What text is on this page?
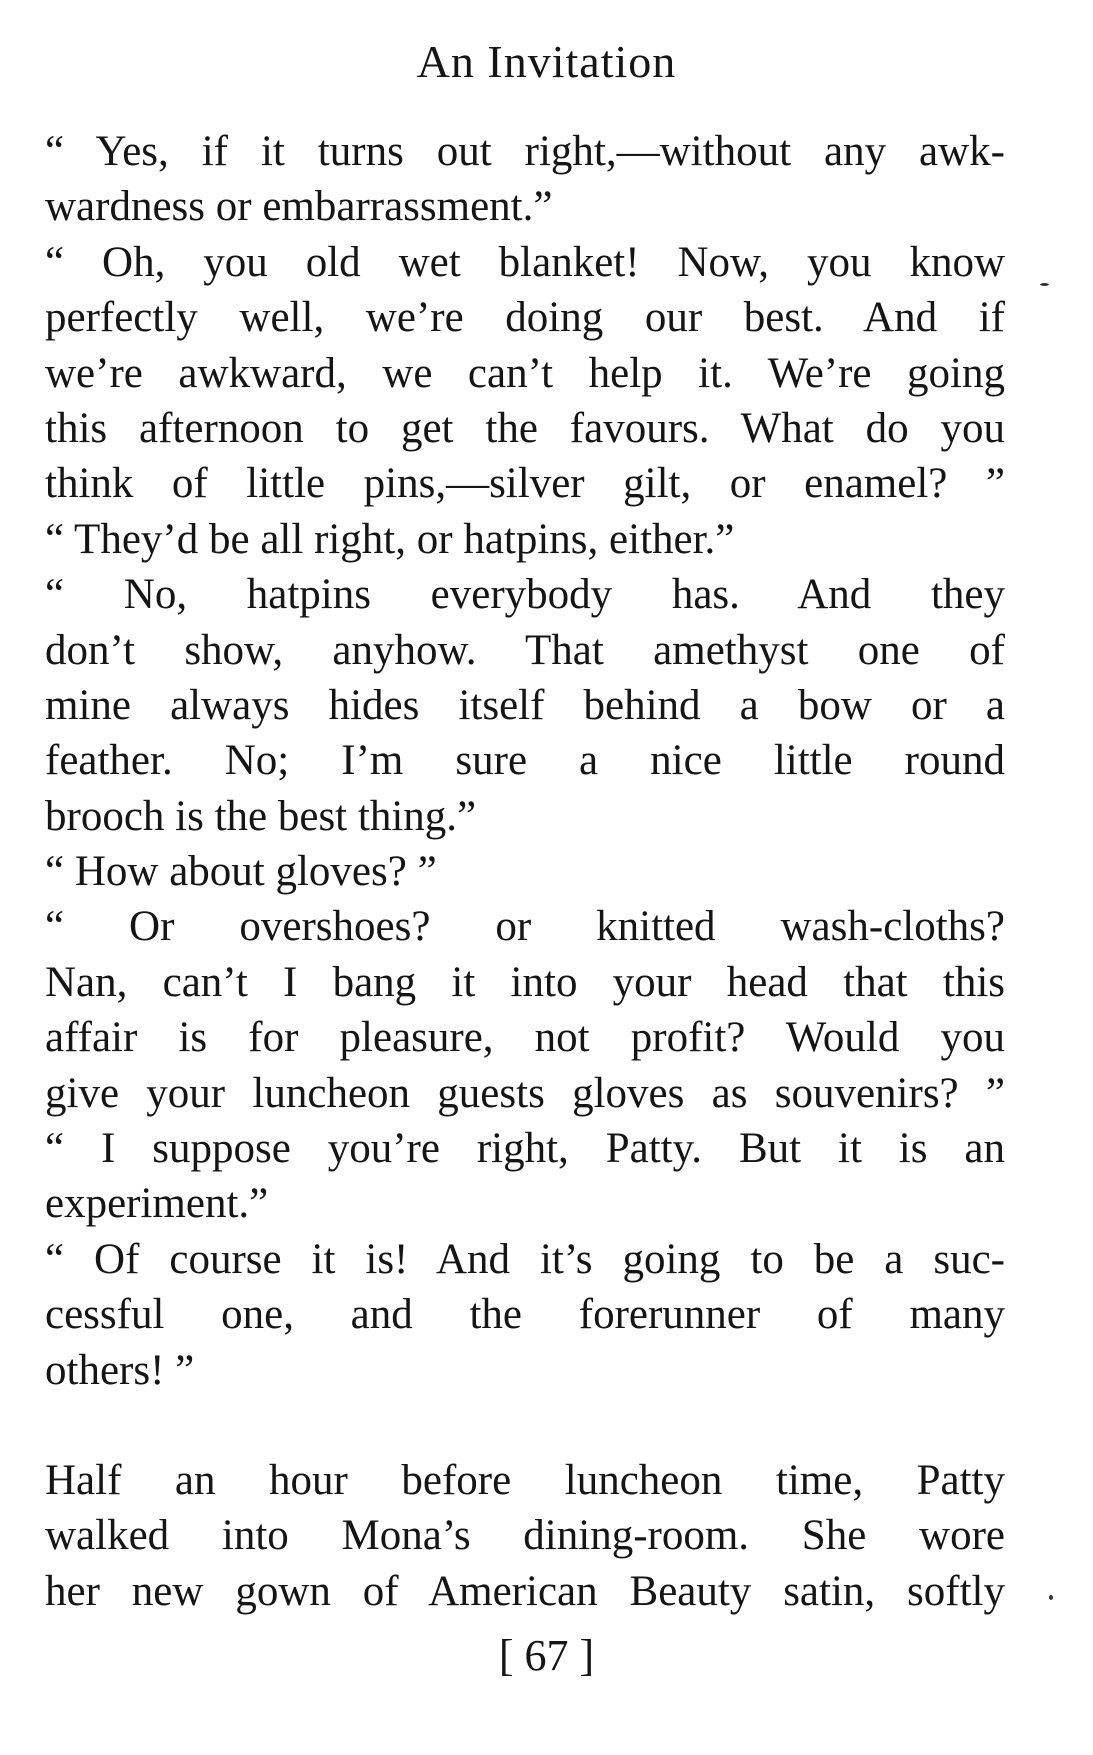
An Invitation
“ Yes, if it turns out right,—without any awk-
wardness or embarrassment.”
“ Oh, you old wet blanket! Now, you know
perfectly well, we’re doing our best. And if
we’re awkward, we can’t help it. We’re going
this afternoon to get the favours. What do you
think of little pins,—silver gilt, or enamel? ”
“ They’d be all right, or hatpins, either.”
“ No, hatpins everybody has. And they
don’t show, anyhow. That amethyst one of
mine always hides itself behind a bow or a
feather. No; I’m sure a nice little round
brooch is the best thing.”
“ How about gloves? ”
“ Or overshoes? or knitted wash-cloths?
Nan, can’t I bang it into your head that this
affair is for pleasure, not profit? Would you
give your luncheon guests gloves as souvenirs? ”
“ I suppose you’re right, Patty. But it is an
experiment.”
“ Of course it is! And it’s going to be a suc-
cessful one, and the forerunner of many
others! ”
Half an hour before luncheon time, Patty
walked into Mona’s dining-room. She wore
her new gown of American Beauty satin, softly
[ 67 ]
